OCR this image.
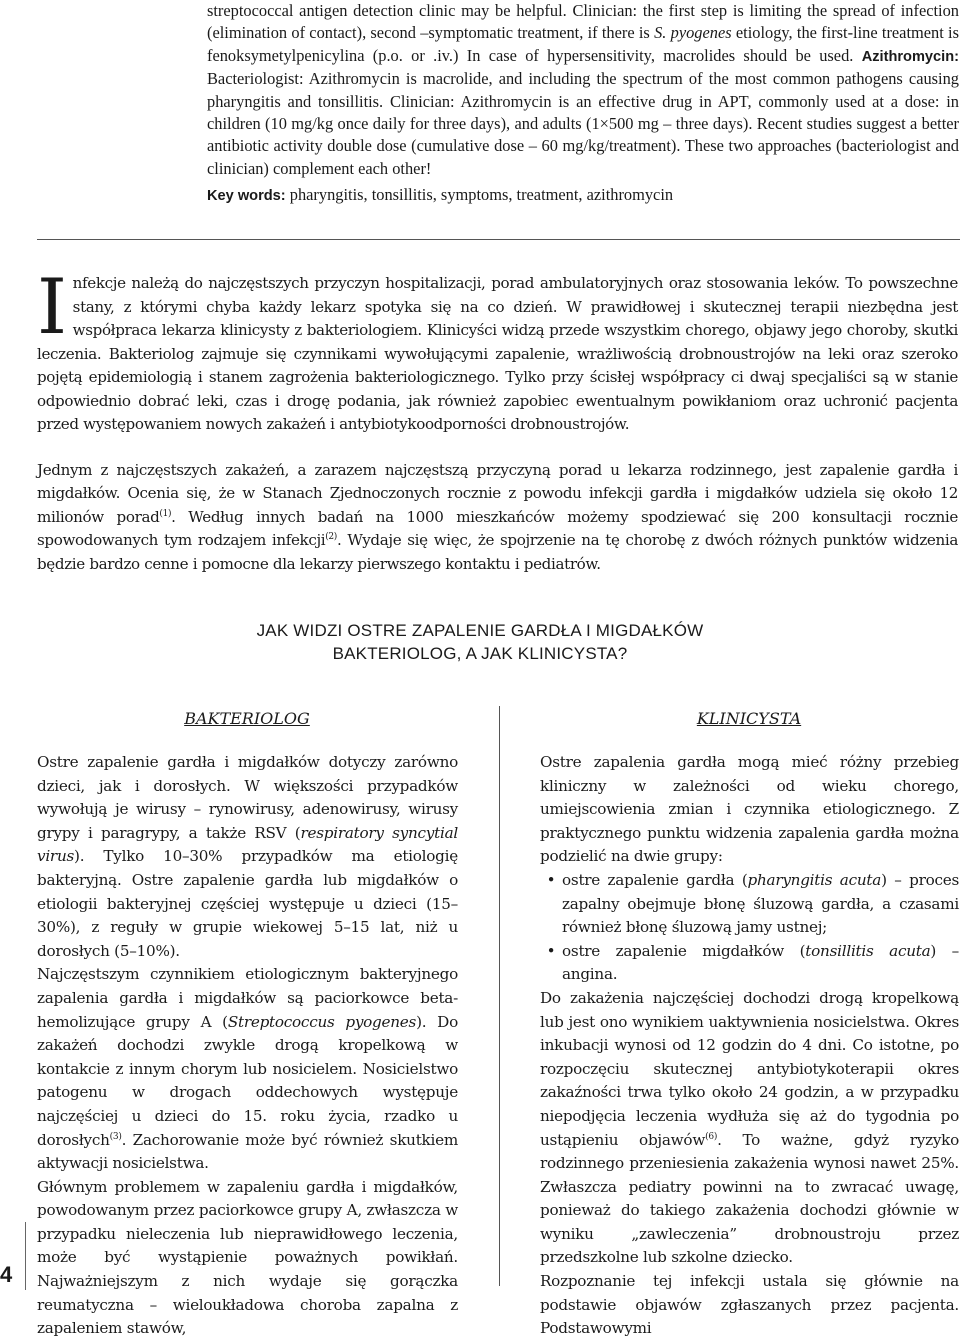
streptococcal antigen detection clinic may be helpful. Clinician: the first step is limiting the spread of infection (elimination of contact), second –symptomatic treatment, if there is S. pyogenes etiology, the first-line treatment is fenoksymetylpenicylina (p.o. or .iv.) In case of hypersensitivity, macrolides should be used. Azithromycin: Bacteriologist: Azithromycin is macrolide, and including the spectrum of the most common pathogens causing pharyngitis and tonsillitis. Clinician: Azithromycin is an effective drug in APT, commonly used at a dose: in children (10 mg/kg once daily for three days), and adults (1×500 mg – three days). Recent studies suggest a better antibiotic activity double dose (cumulative dose – 60 mg/kg/treatment). These two approaches (bacteriologist and clinician) complement each other!
Key words: pharyngitis, tonsillitis, symptoms, treatment, azithromycin

Infekcje należą do najczęstszych przyczyn hospitalizacji, porad ambulatoryjnych oraz stosowania leków. To powszechne stany, z którymi chyba każdy lekarz spotyka się na co dzień. W prawidłowej i skutecznej terapii niezbędna jest współpraca lekarza klinicysty z bakteriologiem. Klinicyści widzą przede wszystkim chorego, objawy jego choroby, skutki leczenia. Bakteriolog zajmuje się czynnikami wywołującymi zapalenie, wrażliwością drobnoustrojów na leki oraz szeroko pojętą epidemiologią i stanem zagrożenia bakteriologicznego. Tylko przy ścisłej współpracy ci dwaj specjaliści są w stanie odpowiednio dobrać leki, czas i drogę podania, jak również zapobiec ewentualnym powikłaniom oraz uchronić pacjenta przed występowaniem nowych zakażeń i antybiotykoodporności drobnoustrojów.

Jednym z najczęstszych zakażeń, a zarazem najczęstszą przyczyną porad u lekarza rodzinnego, jest zapalenie gardła i migdałków. Ocenia się, że w Stanach Zjednoczonych rocznie z powodu infekcji gardła i migdałków udziela się około 12 milionów porad$^{(1)}$. Według innych badań na 1000 mieszkańców możemy spodziewać się 200 konsultacji rocznie spowodowanych tym rodzajem infekcji$^{(2)}$. Wydaje się więc, że spojrzenie na tę chorobę z dwóch różnych punktów widzenia będzie bardzo cenne i pomocne dla lekarzy pierwszego kontaktu i pediatrów.

JAK WIDZI OSTRE ZAPALENIE GARDŁA I MIGDAŁKÓW
BAKTERIOLOG, A JAK KLINICYSTA?
BAKTERIOLOG	KLINICYSTA

Ostre zapalenie gardła i migdałków dotyczy zarówno dzieci, jak i dorosłych. W większości przypadków wywołują je wirusy – rynowirusy, adenowirusy, wirusy grypy i paragrypy, a także RSV (respiratory syncytial virus). Tylko 10–30% przypadków ma etiologię bakteryjną. Ostre zapalenie gardła lub migdałków o etiologii bakteryjnej częściej występuje u dzieci (15–30%), z reguły w grupie wiekowej 5–15 lat, niż u dorosłych (5–10%).

Najczęstszym czynnikiem etiologicznym bakteryjnego zapalenia gardła i migdałków są paciorkowce beta-hemolizujące grupy A (Streptococcus pyogenes). Do zakażeń dochodzi zwykle drogą kropelkową w kontakcie z innym chorym lub nosicielem. Nosicielstwo patogenu w drogach oddechowych występuje najczęściej u dzieci do 15. roku życia, rzadko u dorosłych$^{(3)}$. Zachorowanie może być również skutkiem aktywacji nosicielstwa.

Głównym problemem w zapaleniu gardła i migdałków, powodowanym przez paciorkowce grupy A, zwłaszcza w przypadku nieleczenia lub nieprawidłowego leczenia, może być wystąpienie poważnych powikłań. Najważniejszym z nich wydaje się gorączka reumatyczna – wieloukładowa choroba zapalna z zapaleniem stawów,

Ostre zapalenia gardła mogą mieć różny przebieg kliniczny w zależności od wieku chorego, umiejscowienia zmian i czynnika etiologicznego. Z praktycznego punktu widzenia zapalenia gardła można podzielić na dwie grupy:

• ostre zapalenie gardła (pharyngitis acuta) – proces zapalny obejmuje błonę śluzową gardła, a czasami również błonę śluzową jamy ustnej;
• ostre zapalenie migdałków (tonsillitis acuta) – angina.

Do zakażenia najczęściej dochodzi drogą kropelkową lub jest ono wynikiem uaktywnienia nosicielstwa. Okres inkubacji wynosi od 12 godzin do 4 dni. Co istotne, po rozpoczęciu skutecznej antybiotykoterapii okres zakaźności trwa tylko około 24 godzin, a w przypadku niepodjęcia leczenia wydłuża się aż do tygodnia po ustąpieniu objawów$^{(6)}$. To ważne, gdyż ryzyko rodzinnego przeniesienia zakażenia wynosi nawet 25%. Zwłaszcza pediatry powinni na to zwracać uwagę, ponieważ do takiego zakażenia dochodzi głównie w wyniku „zawleczenia” drobnoustroju przez przedszkolne lub szkolne dziecko.

Rozpoznanie tej infekcji ustala się głównie na podstawie objawów zgłaszanych przez pacjenta. Podstawowymi

4
